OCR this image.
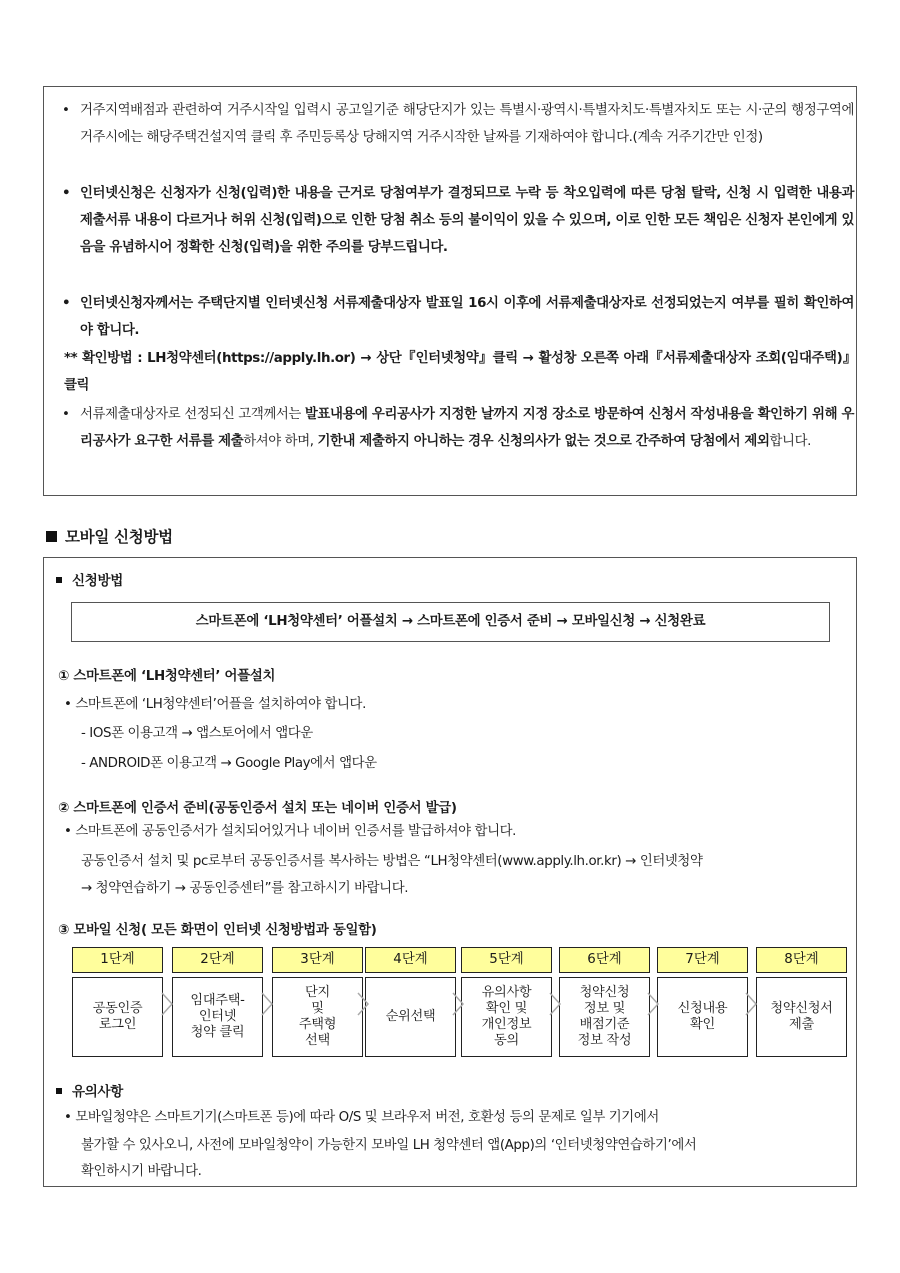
• 거주지역배점과 관련하여 거주시작일 입력시 공고일기준 해당단지가 있는 특별시·광역시·특별자치도·특별자치도 또는 시·군의 행정구역에 거주시에는 해당주택건설지역 클릭 후 주민등록상 당해지역 거주시작한 날짜를 기재하여야 합니다.(계속 거주기간만 인정)
• 인터넷신청은 신청자가 신청(입력)한 내용을 근거로 당첨여부가 결정되므로 누락 등 착오입력에 따른 당첨 탈락, 신청 시 입력한 내용과 제출서류 내용이 다르거나 허위 신청(입력)으로 인한 당첨 취소 등의 불이익이 있을 수 있으며, 이로 인한 모든 책임은 신청자 본인에게 있음을 유념하시어 정확한 신청(입력)을 위한 주의를 당부드립니다.
• 인터넷신청자께서는 주택단지별 인터넷신청 서류제출대상자 발표일 16시 이후에 서류제출대상자로 선정되었는지 여부를 필히 확인하여야 합니다.
** 확인방법 : LH청약센터(https://apply.lh.or) → 상단『인터넷청약』클릭 → 활성창 오른쪽 아래『서류제출대상자 조회(임대주택)』클릭
• 서류제출대상자로 선정되신 고객께서는 발표내용에 우리공사가 지정한 날까지 지정 장소로 방문하여 신청서 작성내용을 확인하기 위해 우리공사가 요구한 서류를 제출하셔야 하며, 기한내 제출하지 아니하는 경우 신청의사가 없는 것으로 간주하여 당첨에서 제외합니다.
모바일 신청방법
신청방법
스마트폰에 ‘LH청약센터’ 어플설치 → 스마트폰에 인증서 준비 → 모바일신청 → 신청완료
① 스마트폰에 ‘LH청약센터’ 어플설치
• 스마트폰에 ‘LH청약센터’어플을 설치하여야 합니다.
- IOS폰 이용고객 → 앱스토어에서 앱다운
- ANDROID폰 이용고객 → Google Play에서 앱다운
② 스마트폰에 인증서 준비(공동인증서 설치 또는 네이버 인증서 발급)
• 스마트폰에 공동인증서가 설치되어있거나 네이버 인증서를 발급하셔야 합니다.
공동인증서 설치 및 pc로부터 공동인증서를 복사하는 방법은 “LH청약센터(www.apply.lh.or.kr) → 인터넷청약
→ 청약연습하기 → 공동인증센터”를 참고하시기 바랍니다.
③ 모바일 신청( 모든 화면이 인터넷 신청방법과 동일함)
1단계
공동인증
로그인
2단계
임대주택-
인터넷
청약 클릭
3단계
단지
및
주택형
선택
4단계
순위선택
5단계
유의사항
확인 및
개인정보
동의
6단계
청약신청
정보 및
배점기준
정보 작성
7단계
신청내용
확인
8단계
청약신청서
제출
유의사항
• 모바일청약은 스마트기기(스마트폰 등)에 따라 O/S 및 브라우저 버전, 호환성 등의 문제로 일부 기기에서
불가할 수 있사오니, 사전에 모바일청약이 가능한지 모바일 LH 청약센터 앱(App)의 ‘인터넷청약연습하기’에서
확인하시기 바랍니다.
